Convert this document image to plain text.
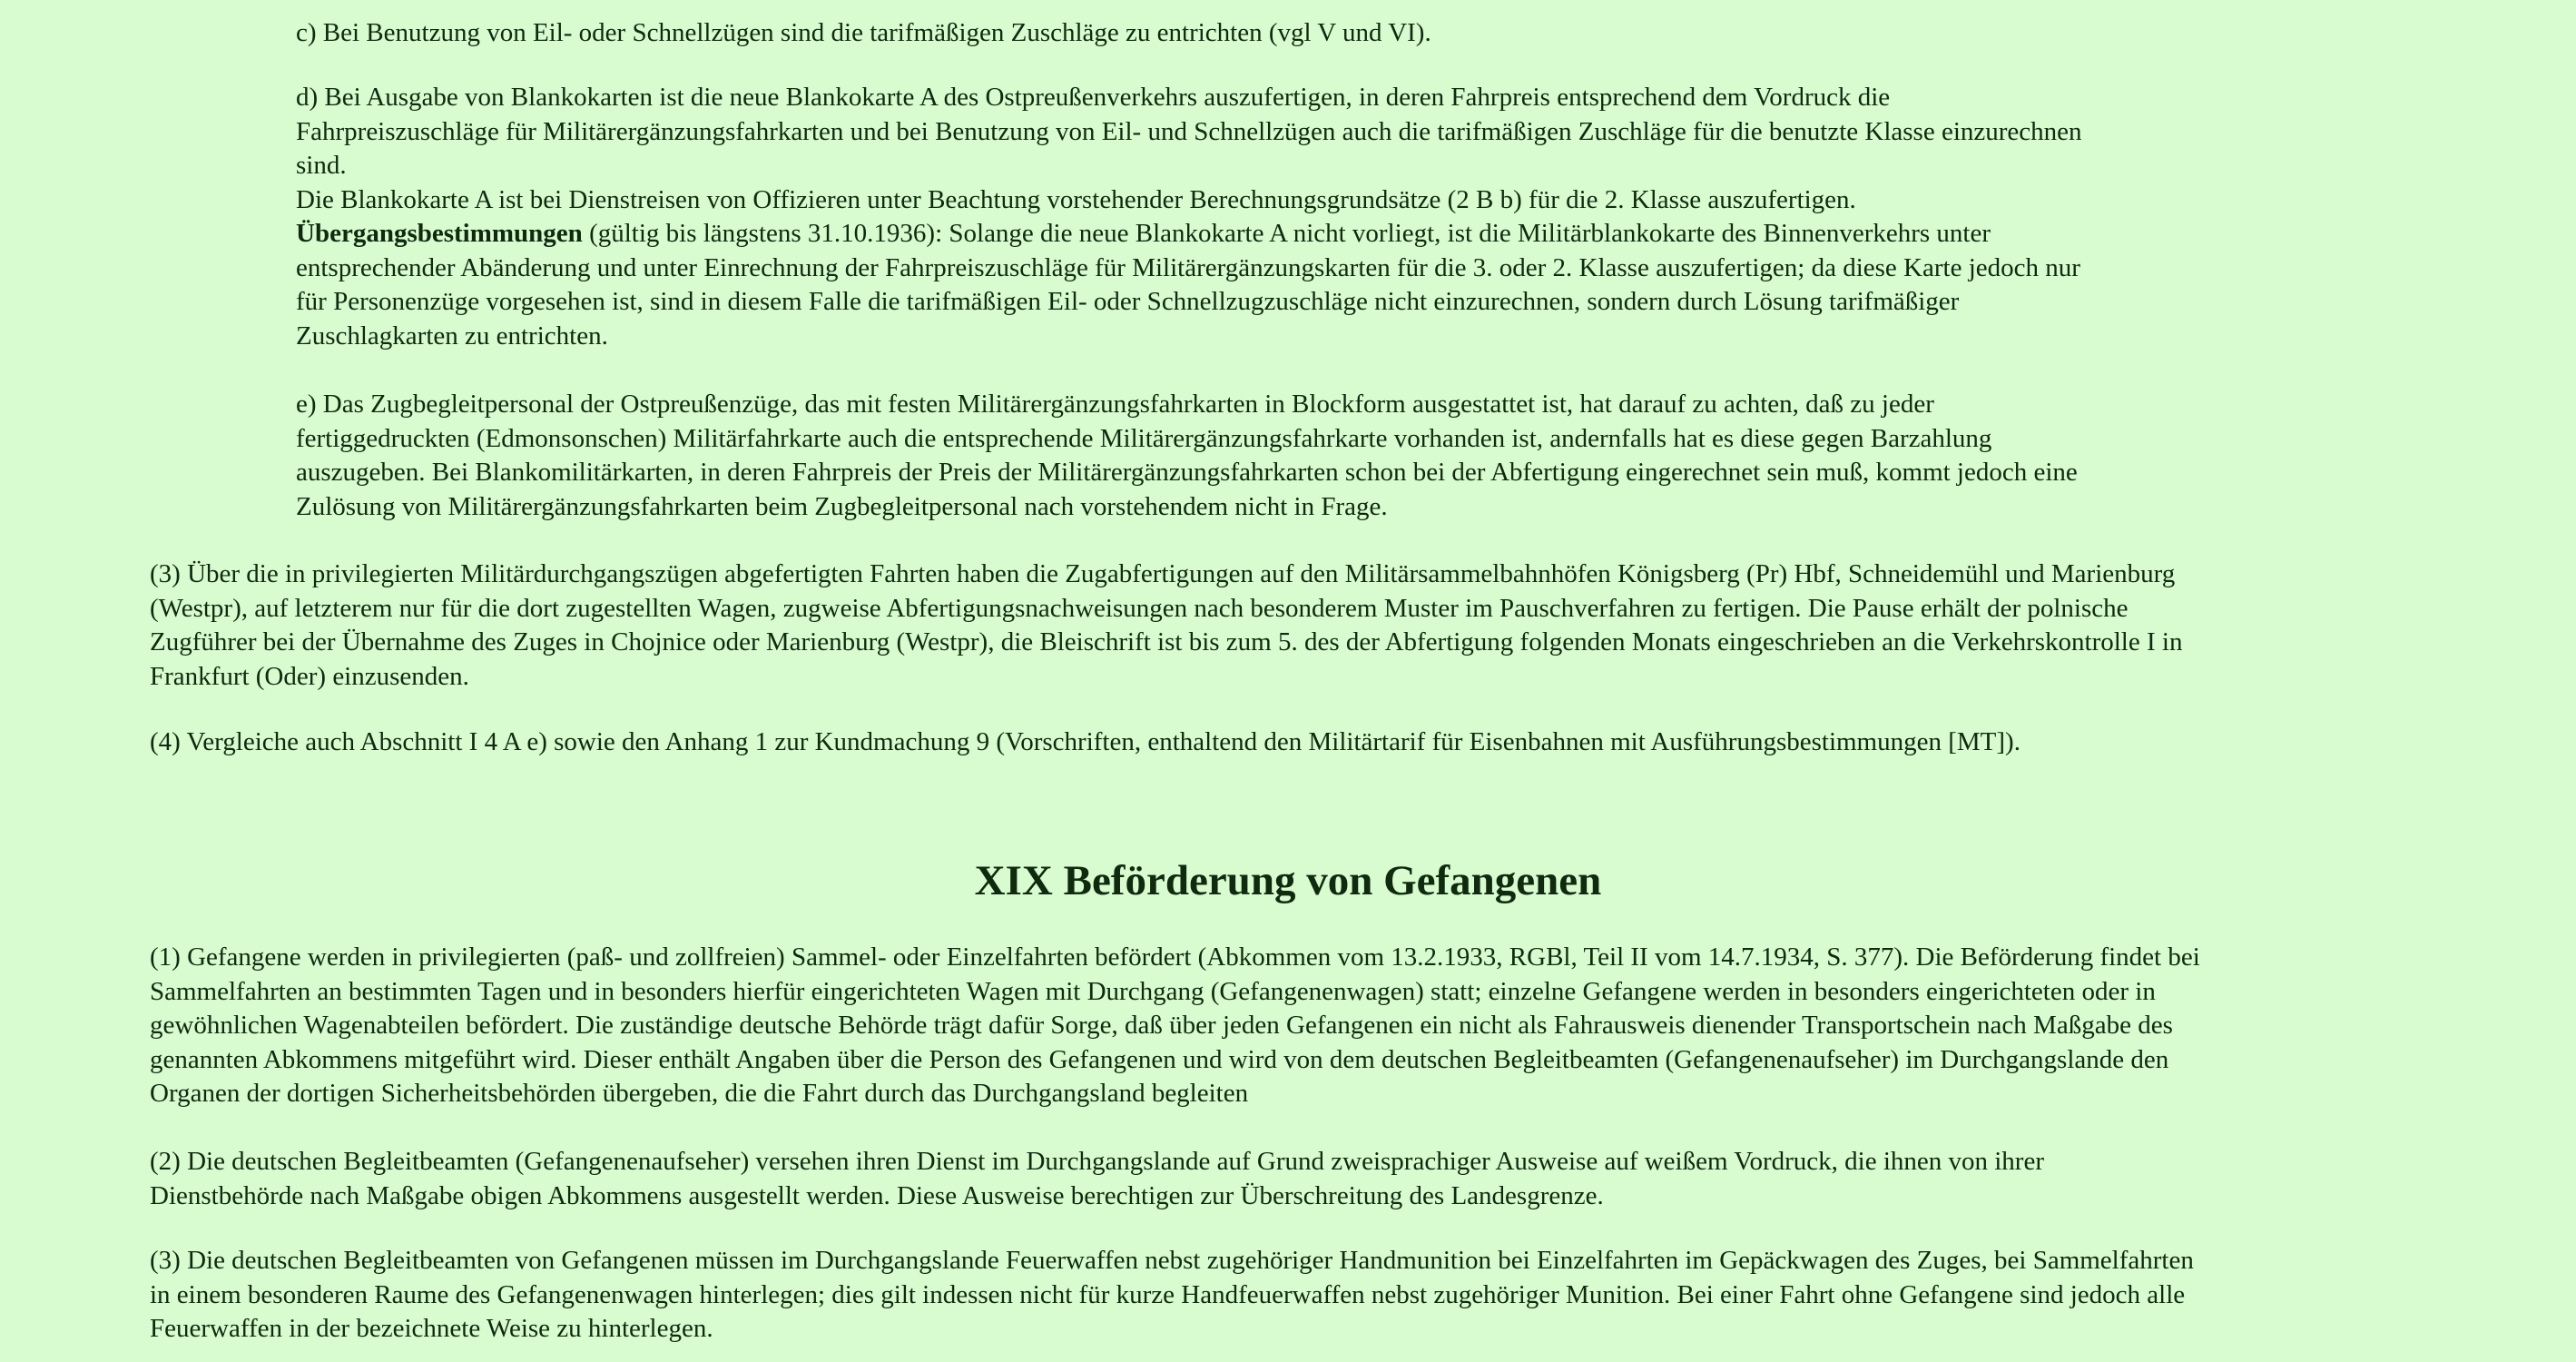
c) Bei Benutzung von Eil- oder Schnellzügen sind die tarifmäßigen Zuschläge zu entrichten (vgl V und VI).

d) Bei Ausgabe von Blankokarten ist die neue Blankokarte A des Ostpreußenverkehrs auszufertigen, in deren Fahrpreis entsprechend dem Vordruck die
Fahrpreiszuschläge für Militärergänzungsfahrkarten und bei Benutzung von Eil- und Schnellzügen auch die tarifmäßigen Zuschläge für die benutzte Klasse einzurechnen
sind.
Die Blankokarte A ist bei Dienstreisen von Offizieren unter Beachtung vorstehender Berechnungsgrundsätze (2 B b) für die 2. Klasse auszufertigen.
Übergangsbestimmungen (gültig bis längstens 31.10.1936): Solange die neue Blankokarte A nicht vorliegt, ist die Militärblankokarte des Binnenverkehrs unter
entsprechender Abänderung und unter Einrechnung der Fahrpreiszuschläge für Militärergänzungskarten für die 3. oder 2. Klasse auszufertigen; da diese Karte jedoch nur
für Personenzüge vorgesehen ist, sind in diesem Falle die tarifmäßigen Eil- oder Schnellzugzuschläge nicht einzurechnen, sondern durch Lösung tarifmäßiger
Zuschlagkarten zu entrichten.

e) Das Zugbegleitpersonal der Ostpreußenzüge, das mit festen Militärergänzungsfahrkarten in Blockform ausgestattet ist, hat darauf zu achten, daß zu jeder
fertiggedruckten (Edmonsonschen) Militärfahrkarte auch die entsprechende Militärergänzungsfahrkarte vorhanden ist, andernfalls hat es diese gegen Barzahlung
auszugeben. Bei Blankomilitärkarten, in deren Fahrpreis der Preis der Militärergänzungsfahrkarten schon bei der Abfertigung eingerechnet sein muß, kommt jedoch eine
Zulösung von Militärergänzungsfahrkarten beim Zugbegleitpersonal nach vorstehendem nicht in Frage.

(3) Über die in privilegierten Militärdurchgangszügen abgefertigten Fahrten haben die Zugabfertigungen auf den Militärsammelbahnhöfen Königsberg (Pr) Hbf, Schneidemühl und Marienburg
(Westpr), auf letzterem nur für die dort zugestellten Wagen, zugweise Abfertigungsnachweisungen nach besonderem Muster im Pauschverfahren zu fertigen. Die Pause erhält der polnische
Zugführer bei der Übernahme des Zuges in Chojnice oder Marienburg (Westpr), die Bleischrift ist bis zum 5. des der Abfertigung folgenden Monats eingeschrieben an die Verkehrskontrolle I in
Frankfurt (Oder) einzusenden.

(4) Vergleiche auch Abschnitt I 4 A e) sowie den Anhang 1 zur Kundmachung 9 (Vorschriften, enthaltend den Militärtarif für Eisenbahnen mit Ausführungsbestimmungen [MT]).

XIX Beförderung von Gefangenen

(1) Gefangene werden in privilegierten (paß- und zollfreien) Sammel- oder Einzelfahrten befördert (Abkommen vom 13.2.1933, RGBl, Teil II vom 14.7.1934, S. 377). Die Beförderung findet bei
Sammelfahrten an bestimmten Tagen und in besonders hierfür eingerichteten Wagen mit Durchgang (Gefangenenwagen) statt; einzelne Gefangene werden in besonders eingerichteten oder in
gewöhnlichen Wagenabteilen befördert. Die zuständige deutsche Behörde trägt dafür Sorge, daß über jeden Gefangenen ein nicht als Fahrausweis dienender Transportschein nach Maßgabe des
genannten Abkommens mitgeführt wird. Dieser enthält Angaben über die Person des Gefangenen und wird von dem deutschen Begleitbeamten (Gefangenenaufseher) im Durchgangslande den
Organen der dortigen Sicherheitsbehörden übergeben, die die Fahrt durch das Durchgangsland begleiten

(2) Die deutschen Begleitbeamten (Gefangenenaufseher) versehen ihren Dienst im Durchgangslande auf Grund zweisprachiger Ausweise auf weißem Vordruck, die ihnen von ihrer
Dienstbehörde nach Maßgabe obigen Abkommens ausgestellt werden. Diese Ausweise berechtigen zur Überschreitung des Landesgrenze.

(3) Die deutschen Begleitbeamten von Gefangenen müssen im Durchgangslande Feuerwaffen nebst zugehöriger Handmunition bei Einzelfahrten im Gepäckwagen des Zuges, bei Sammelfahrten
in einem besonderen Raume des Gefangenenwagen hinterlegen; dies gilt indessen nicht für kurze Handfeuerwaffen nebst zugehöriger Munition. Bei einer Fahrt ohne Gefangene sind jedoch alle
Feuerwaffen in der bezeichnete Weise zu hinterlegen.
